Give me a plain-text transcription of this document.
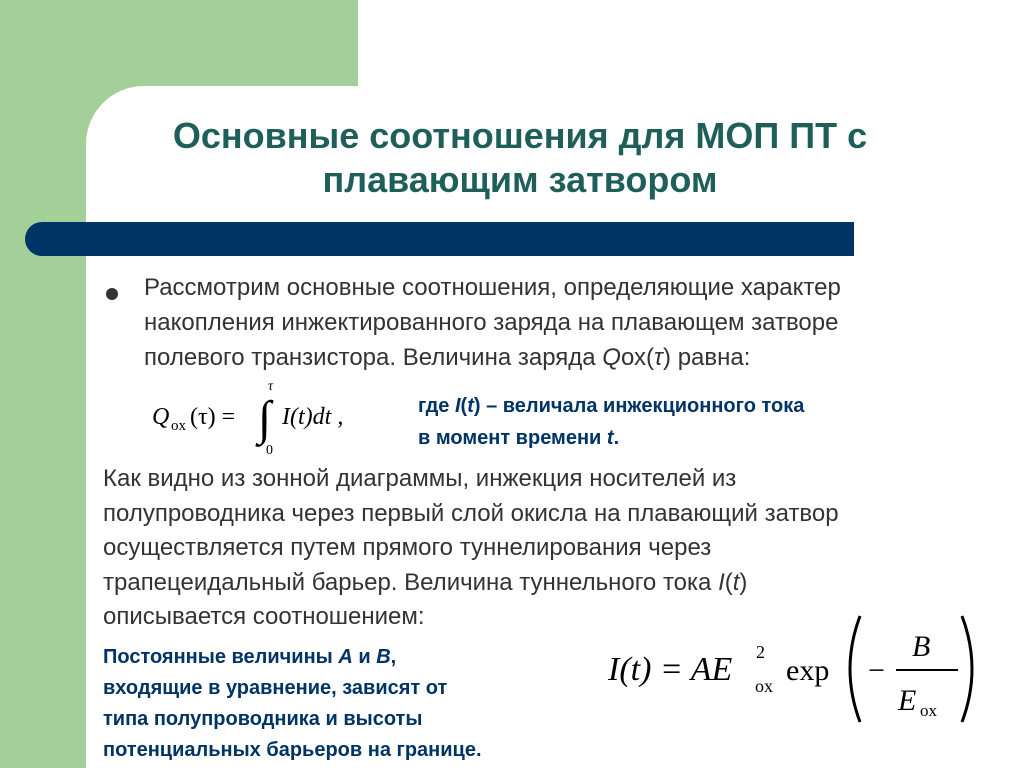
Основные соотношения для МОП ПТ с
плавающим затвором
Рассмотрим основные соотношения, определяющие характер
накопления инжектированного заряда на плавающем затворе
полевого транзистора. Величина заряда Qох(τ) равна:
Q ox (τ) = ∫
τ
0
I(t)dt ,	где I(t) – величала инжекционного тока
в момент времени t.
Как видно из зонной диаграммы, инжекция носителей из
полупроводника через первый слой окисла на плавающий затвор
осуществляется путем прямого туннелирования через
трапецеидальный барьер. Величина туннельного тока I(t)
описывается соотношением:
Постоянные величины А и В,
входящие в уравнение, зависят от
типа полупроводника и высоты
потенциальных барьеров на границе.
I(t) = AE 2
ox exp −
B
E ox
